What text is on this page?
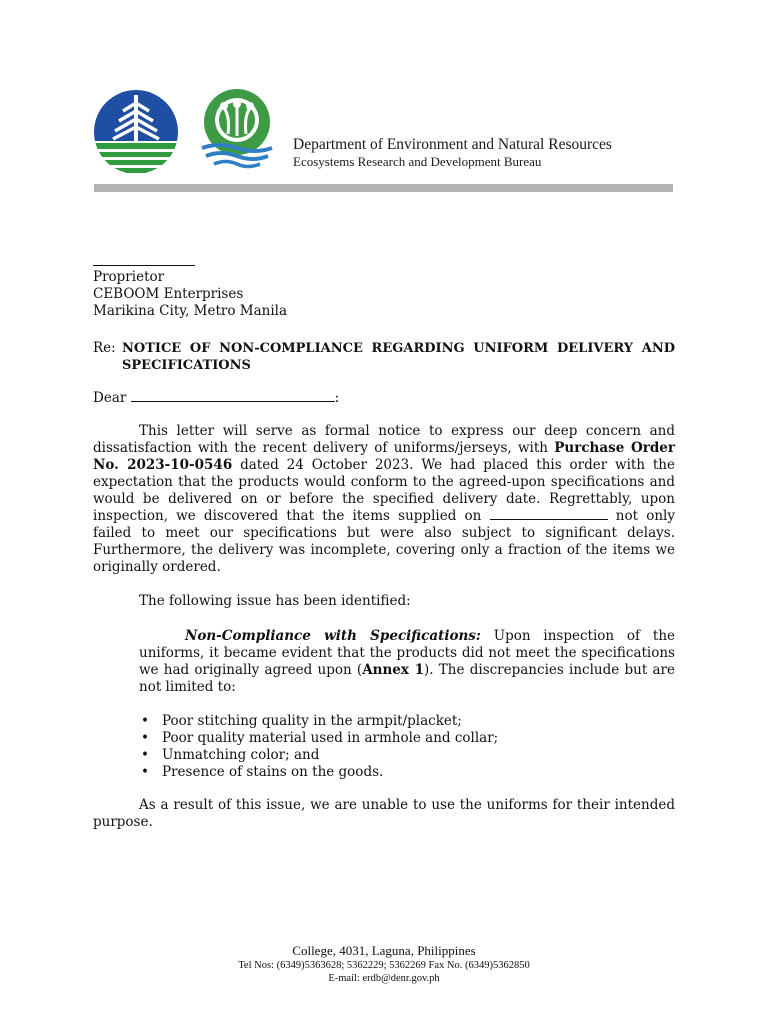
Department of Environment and Natural Resources
Ecosystems Research and Development Bureau

Proprietor

CEBOOM Enterprises

Marikina City, Metro Manila

Re: NOTICE OF NON-COMPLIANCE REGARDING UNIFORM DELIVERY AND SPECIFICATIONS

Dear	:

This letter will serve as formal notice to express our deep concern and dissatisfaction with the recent delivery of uniforms/jerseys, with Purchase Order No. 2023-10-0546 dated 24 October 2023. We had placed this order with the expectation that the products would conform to the agreed-upon specifications and would be delivered on or before the specified delivery date. Regrettably, upon inspection, we discovered that the items supplied on	not only failed to meet our specifications but were also subject to significant delays. Furthermore, the delivery was incomplete, covering only a fraction of the items we originally ordered.

The following issue has been identified:

Non-Compliance with Specifications: Upon inspection of the uniforms, it became evident that the products did not meet the specifications we had originally agreed upon (Annex 1). The discrepancies include but are not limited to:

• Poor stitching quality in the armpit/placket;
• Poor quality material used in armhole and collar;
• Unmatching color; and
• Presence of stains on the goods.

As a result of this issue, we are unable to use the uniforms for their intended purpose.

College, 4031, Laguna, Philippines
Tel Nos: (6349)5363628; 5362229; 5362269 Fax No. (6349)5362850
E-mail: erdb@denr.gov.ph
